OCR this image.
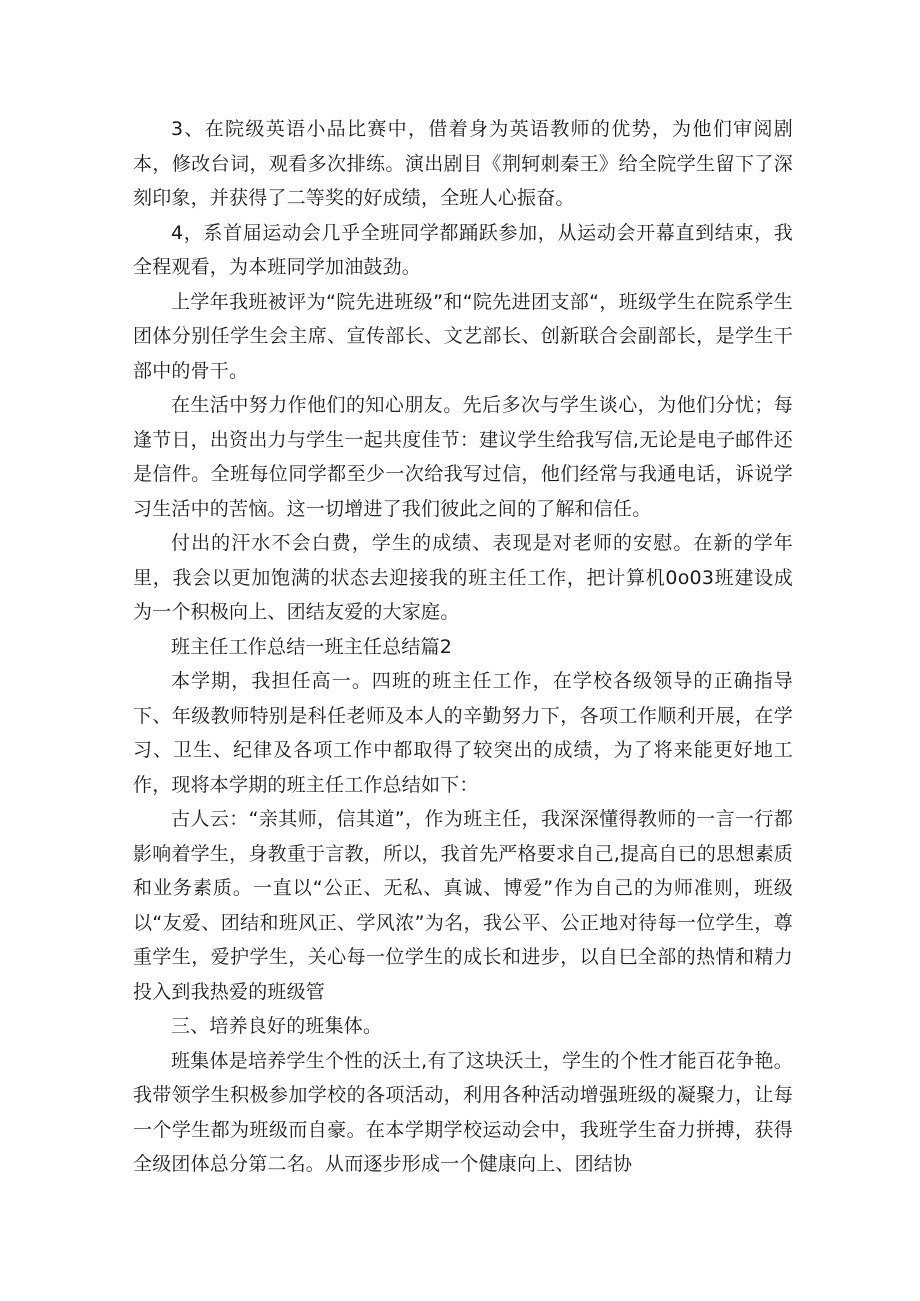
3、在院级英语小品比赛中，借着身为英语教师的优势，为他们审阅剧本，修改台词，观看多次排练。演出剧目《荆轲刺秦王》给全院学生留下了深刻印象，并获得了二等奖的好成绩，全班人心振奋。

4，系首届运动会几乎全班同学都踊跃参加，从运动会开幕直到结束，我全程观看，为本班同学加油鼓劲。

上学年我班被评为“院先进班级”和“院先进团支部“，班级学生在院系学生团体分别任学生会主席、宣传部长、文艺部长、创新联合会副部长，是学生干部中的骨干。

在生活中努力作他们的知心朋友。先后多次与学生谈心，为他们分忧；每逢节日，出资出力与学生一起共度佳节：建议学生给我写信,无论是电子邮件还是信件。全班每位同学都至少一次给我写过信，他们经常与我通电话，诉说学习生活中的苦恼。这一切增进了我们彼此之间的了解和信任。

付出的汗水不会白费，学生的成绩、表现是对老师的安慰。在新的学年里，我会以更加饱满的状态去迎接我的班主任工作，把计算机0o03班建设成为一个积极向上、团结友爱的大家庭。

班主任工作总结一班主任总结篇2

本学期，我担任高一。四班的班主任工作，在学校各级领导的正确指导下、年级教师特别是科任老师及本人的辛勤努力下，各项工作顺利开展，在学习、卫生、纪律及各项工作中都取得了较突出的成绩，为了将来能更好地工作，现将本学期的班主任工作总结如下：

古人云：“亲其师，信其道”，作为班主任，我深深懂得教师的一言一行都影响着学生，身教重于言教，所以，我首先严格要求自己,提高自已的思想素质和业务素质。一直以“公正、无私、真诚、博爱”作为自己的为师准则，班级以“友爱、团结和班风正、学风浓”为名，我公平、公正地对待每一位学生，尊重学生，爱护学生，关心每一位学生的成长和进步，以自巳全部的热情和精力投入到我热爱的班级管

三、培养良好的班集体。

班集体是培养学生个性的沃土,有了这块沃土，学生的个性才能百花争艳。我带领学生积极参加学校的各项活动，利用各种活动增强班级的凝聚力，让每一个学生都为班级而自豪。在本学期学校运动会中，我班学生奋力拼搏，获得全级团体总分第二名。从而逐步形成一个健康向上、团结协
